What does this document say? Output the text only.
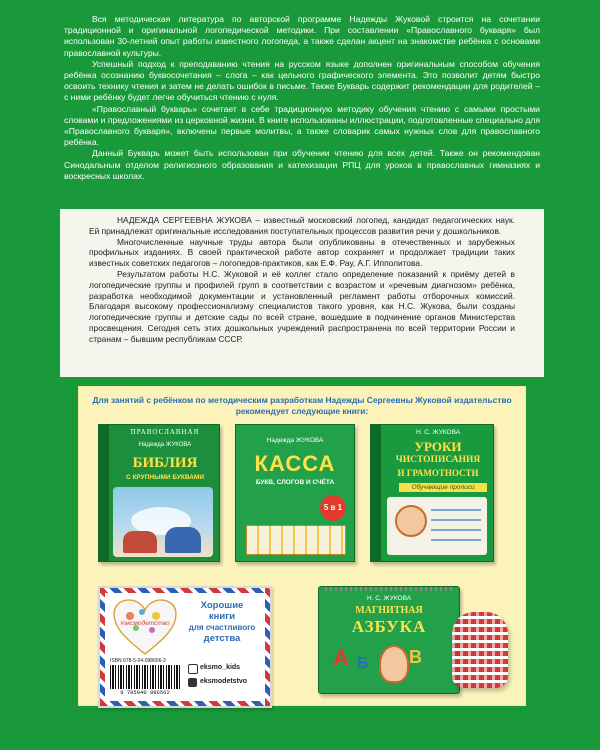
Вся методическая литература по авторской программе Надежды Жуковой строится на сочетании традиционной и оригинальной логопедической методики. При составлении «Православного букваря» был использован 30-летний опыт работы известного логопеда, а также сделан акцент на знакомстве ребёнка с основами православной культуры.

Успешный подход к преподаванию чтения на русском языке дополнен оригинальным способом обучения ребёнка осознанию буквосочетания – слога – как цельного графического элемента. Это позволит детям быстро освоить технику чтения и затем не делать ошибок в письме. Также Букварь содержит рекомендации для родителей – с ними ребёнку будет легче обучиться чтению с нуля.

«Православный букварь» сочетает в себе традиционную методику обучения чтению с самыми простыми словами и предложениями из церковной жизни. В книге использованы иллюстрации, подготовленные специально для «Православного букваря», включены первые молитвы, а также словарик самых нужных слов для православного ребёнка.

Данный Букварь может быть использован при обучении чтению для всех детей. Также он рекомендован Синодальным отделом религиозного образования и катехизации РПЦ для уроков в православных гимназиях и воскресных школах.

НАДЕЖДА СЕРГЕЕВНА ЖУКОВА – известный московский логопед, кандидат педагогических наук. Ей принадлежат оригинальные исследования поступательных процессов развития речи у дошкольников.

Многочисленные научные труды автора были опубликованы в отечественных и зарубежных профильных изданиях. В своей практической работе автор сохраняет и продолжает традиции таких известных советских педагогов – логопедов-практиков, как Е.Ф. Рау, А.Г. Ипполитова.

Результатом работы Н.С. Жуковой и её коллег стало определение показаний к приёму детей в логопедические группы и профилей групп в соответствии с возрастом и «речевым диагнозом» ребёнка, разработка необходимой документации и установленный регламент работы отборочных комиссий. Благодаря высокому профессионализму специалистов такого уровня, как Н.С. Жукова, были созданы логопедические группы и детские сады по всей стране, вошедшие в подчинение органов Министерства просвещения. Сегодня сеть этих дошкольных учреждений распространена по всей территории России и странам – бывшим республикам СССР.

Для занятий с ребёнком по методическим разработкам Надежды Сергеевны Жуковой издательство рекомендует следующие книги:
ПРАВОСЛАВНАЯ
Надежда ЖУКОВА
БИБЛИЯ
С КРУПНЫМИ БУКВАМИ
Надежда ЖУКОВА
КАССА
БУКВ, СЛОГОВ И СЧЁТА
5 в 1
Н. С. ЖУКОВА
УРОКИ
ЧИСТОПИСАНИЯ
И ГРАМОТНОСТИ
Обучающие прописи
#эксмодетство
Хорошие
книги
для счастливого
детства
ISBN 978-5-04-098656-2
9 785040 986562
eksmo_kids
eksmodetstvo
Н. С. ЖУКОВА
МАГНИТНАЯ
АЗБУКА
А Б В
